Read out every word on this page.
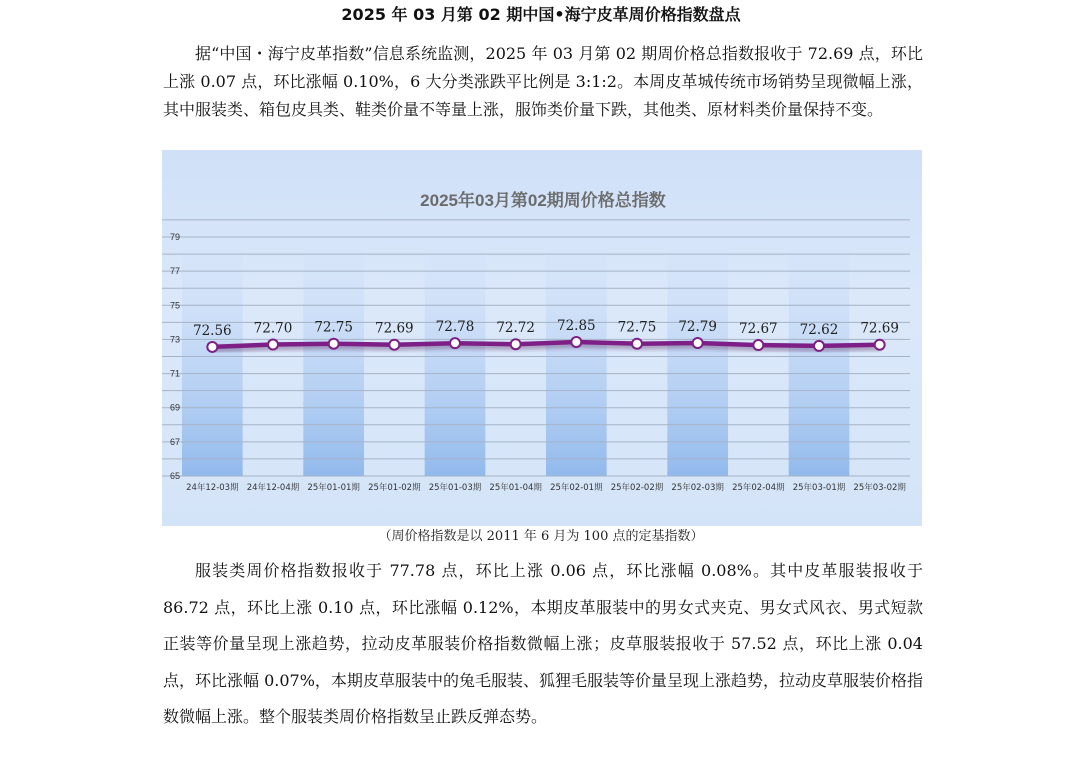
2025 年 03 月第 02 期中国•海宁皮革周价格指数盘点

据“中国・海宁皮革指数”信息系统监测，2025 年 03 月第 02 期周价格总指数报收于 72.69 点，环比上涨 0.07 点，环比涨幅 0.10%，6 大分类涨跌平比例是 3:1:2。本周皮革城传统市场销势呈现微幅上涨，其中服装类、箱包皮具类、鞋类价量不等量上涨，服饰类价量下跌，其他类、原材料类价量保持不变。

79
77
75
73
71
69
67
65
24年12-03期 24年12-04期 25年01-01期 25年01-02期 25年01-03期 25年01-04期 25年02-01期 25年02-02期 25年02-03期 25年02-04期 25年03-01期 25年03-02期
2025年03月第02期周价格总指数
72.56 72.70 72.75 72.69 72.78 72.72 72.85 72.75 72.79 72.67 72.62 72.69
（周价格指数是以 2011 年 6 月为 100 点的定基指数）

服装类周价格指数报收于 77.78 点，环比上涨 0.06 点，环比涨幅 0.08%。其中皮革服装报收于 86.72 点，环比上涨 0.10 点，环比涨幅 0.12%，本期皮革服装中的男女式夹克、男女式风衣、男式短款正装等价量呈现上涨趋势，拉动皮革服装价格指数微幅上涨；皮草服装报收于 57.52 点，环比上涨 0.04 点，环比涨幅 0.07%，本期皮草服装中的兔毛服装、狐狸毛服装等价量呈现上涨趋势，拉动皮草服装价格指数微幅上涨。整个服装类周价格指数呈止跌反弹态势。
